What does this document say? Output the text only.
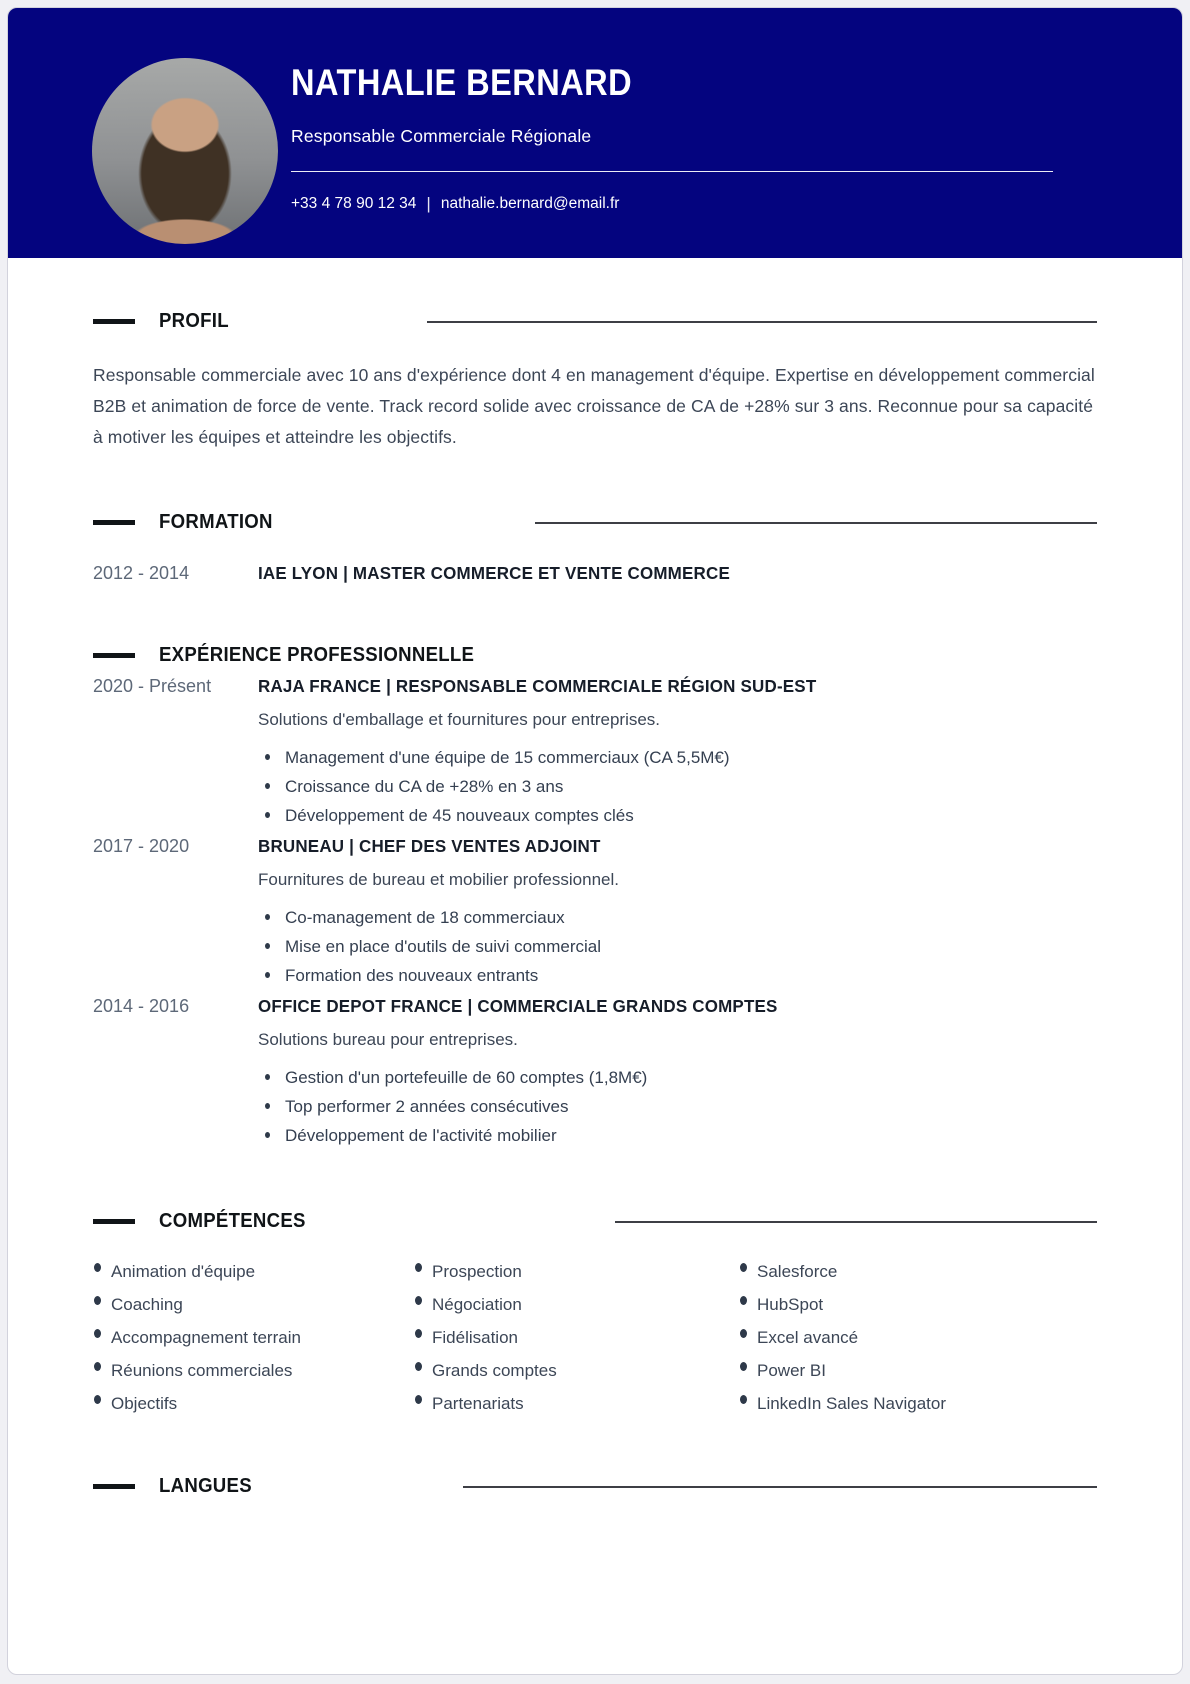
NATHALIE BERNARD
Responsable Commerciale Régionale
+33 4 78 90 12 34 | nathalie.bernard@email.fr
PROFIL

Responsable commerciale avec 10 ans d'expérience dont 4 en management d'équipe. Expertise en développement commercial B2B et animation de force de vente. Track record solide avec croissance de CA de +28% sur 3 ans. Reconnue pour sa capacité à motiver les équipes et atteindre les objectifs.

FORMATION
2012 - 2014	IAE LYON | MASTER COMMERCE ET VENTE COMMERCE
EXPÉRIENCE PROFESSIONNELLE
2020 - Présent	RAJA FRANCE | RESPONSABLE COMMERCIALE RÉGION SUD-EST
Solutions d'emballage et fournitures pour entreprises.
Management d'une équipe de 15 commerciaux (CA 5,5M€)
Croissance du CA de +28% en 3 ans
Développement de 45 nouveaux comptes clés
2017 - 2020	BRUNEAU | CHEF DES VENTES ADJOINT
Fournitures de bureau et mobilier professionnel.
Co-management de 18 commerciaux
Mise en place d'outils de suivi commercial
Formation des nouveaux entrants
2014 - 2016	OFFICE DEPOT FRANCE | COMMERCIALE GRANDS COMPTES
Solutions bureau pour entreprises.
Gestion d'un portefeuille de 60 comptes (1,8M€)
Top performer 2 années consécutives
Développement de l'activité mobilier
COMPÉTENCES
Animation d'équipe
Coaching
Accompagnement terrain
Réunions commerciales
Objectifs
Prospection
Négociation
Fidélisation
Grands comptes
Partenariats
Salesforce
HubSpot
Excel avancé
Power BI
LinkedIn Sales Navigator
LANGUES
